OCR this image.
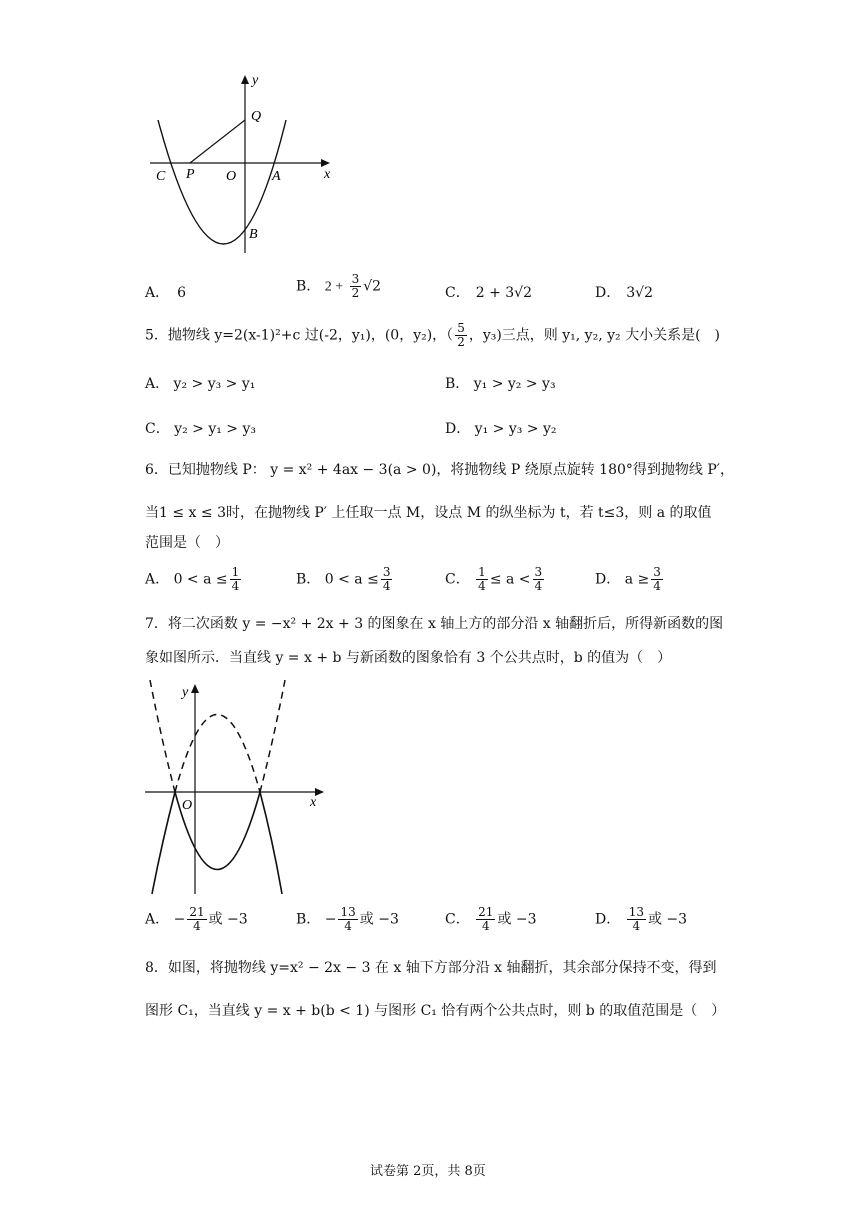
y
x
Q
C P O	A
B
A． 6	B． $2 + \frac{3}{2} √2$	C． 2 + 3√2	D． 3√2
5．抛物线 y=2(x-1)²+c 过(-2，y₁)，(0，y₂)，（ $\frac{5}{2}$ ，y₃)三点，则 y₁, y₂, y₂ 大小关系是(　)
A． y₂ > y₃ > y₁	B． y₁ > y₂ > y₃
C． y₂ > y₁ > y₃	D． y₁ > y₃ > y₂
6．已知抛物线 P： y = x² + 4ax − 3(a > 0)，将抛物线 P 绕原点旋转 180°得到抛物线 P′，
当1 ≤ x ≤ 3时，在抛物线 P′ 上任取一点 M，设点 M 的纵坐标为 t，若 t≤3，则 a 的取值
范围是（　）
A． $0 < a \le \frac{1}{4}$	B． $0 < a \le \frac{3}{4}$	C． $\frac{1}{4} \le a < \frac{3}{4}$	D． $a \ge \frac{3}{4}$
7．将二次函数 y = −x² + 2x + 3 的图象在 x 轴上方的部分沿 x 轴翻折后，所得新函数的图
象如图所示．当直线 y = x + b 与新函数的图象恰有 3 个公共点时，b 的值为（　）
y
x
O
A． − $\frac{21}{4}$ 或 −3	B． − $\frac{13}{4}$ 或 −3	C． $\frac{21}{4}$ 或 −3	D． $\frac{13}{4}$ 或 −3
8．如图，将抛物线 y=x² − 2x − 3 在 x 轴下方部分沿 x 轴翻折，其余部分保持不变，得到
图形 C₁，当直线 y = x + b(b < 1) 与图形 C₁ 恰有两个公共点时，则 b 的取值范围是（　）
试卷第 2页，共 8页
